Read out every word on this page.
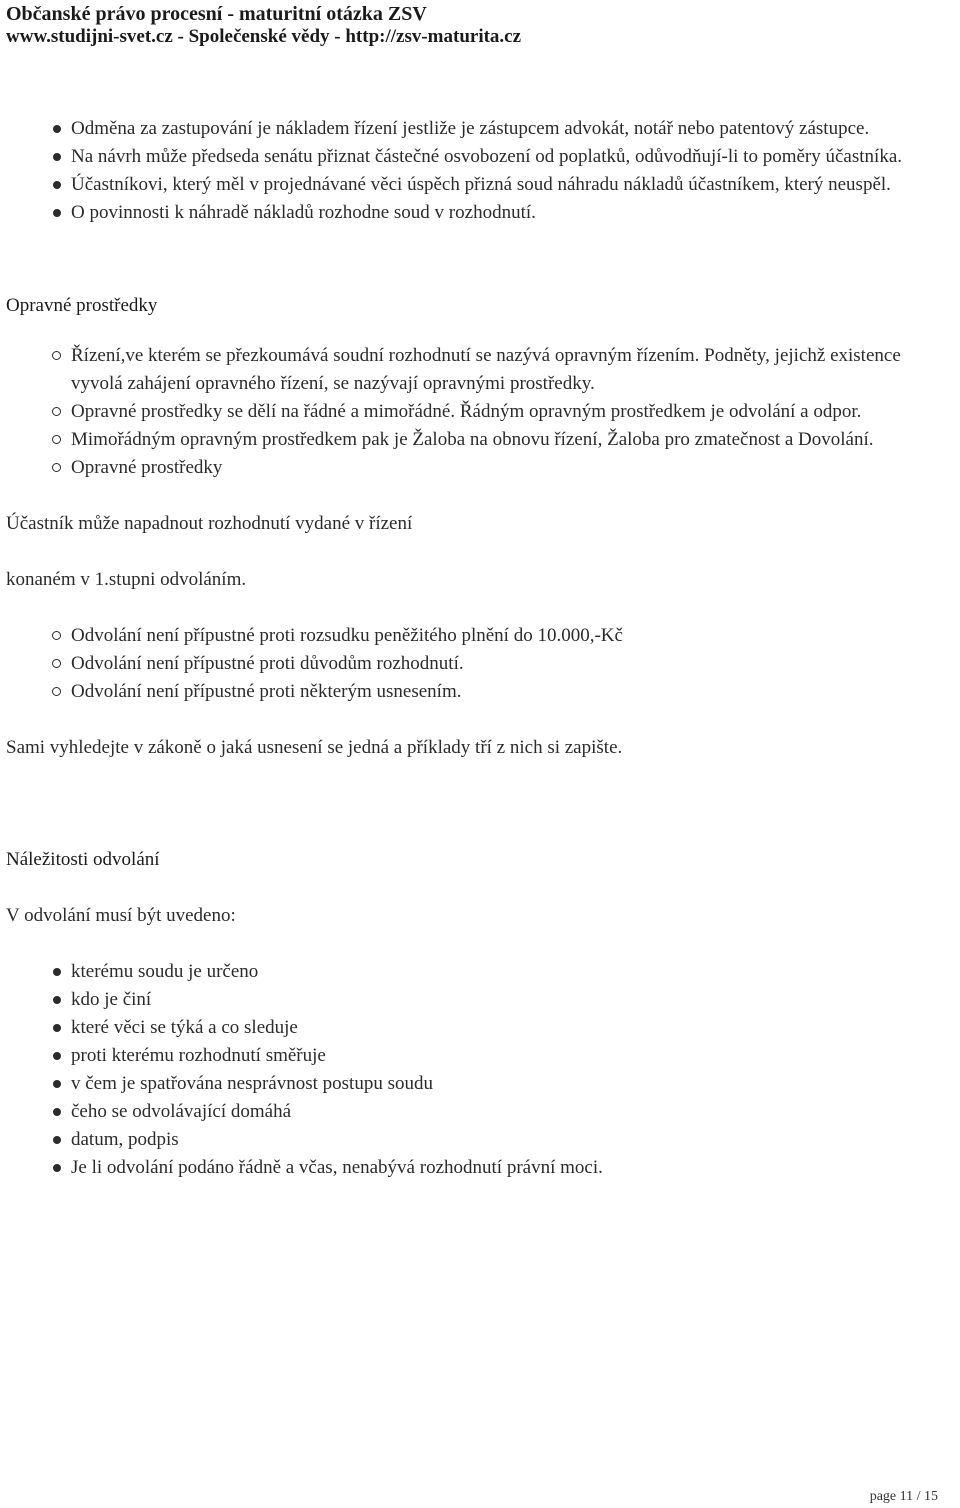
Občanské právo procesní - maturitní otázka ZSV
www.studijni-svet.cz - Společenské vědy - http://zsv-maturita.cz
Odměna za zastupování je nákladem řízení jestliže je zástupcem advokát, notář nebo patentový zástupce.
Na návrh může předseda senátu přiznat částečné osvobození od poplatků, odůvodňují-li to poměry účastníka.
Účastníkovi, který měl v projednávané věci úspěch přizná soud náhradu nákladů účastníkem, který neuspěl.
O povinnosti k náhradě nákladů rozhodne soud v rozhodnutí.

Opravné prostředky

Řízení,ve kterém se přezkoumává soudní rozhodnutí se nazývá opravným řízením. Podněty, jejichž existence vyvolá zahájení opravného řízení, se nazývají opravnými prostředky.
Opravné prostředky se dělí na řádné a mimořádné. Řádným opravným prostředkem je odvolání a odpor.
Mimořádným opravným prostředkem pak je Žaloba na obnovu řízení, Žaloba pro zmatečnost a Dovolání.
Opravné prostředky

Účastník může napadnout rozhodnutí vydané v řízení

konaném v 1.stupni odvoláním.

Odvolání není přípustné proti rozsudku peněžitého plnění do 10.000,-Kč
Odvolání není přípustné proti důvodům rozhodnutí.
Odvolání není přípustné proti některým usnesením.

Sami vyhledejte v zákoně o jaká usnesení se jedná a příklady tří z nich si zapište.

Náležitosti odvolání

V odvolání musí být uvedeno:

kterému soudu je určeno
kdo je činí
které věci se týká a co sleduje
proti kterému rozhodnutí směřuje
v čem je spatřována nesprávnost postupu soudu
čeho se odvolávající domáhá
datum, podpis
Je li odvolání podáno řádně a včas, nenabývá rozhodnutí právní moci.
page 11 / 15
